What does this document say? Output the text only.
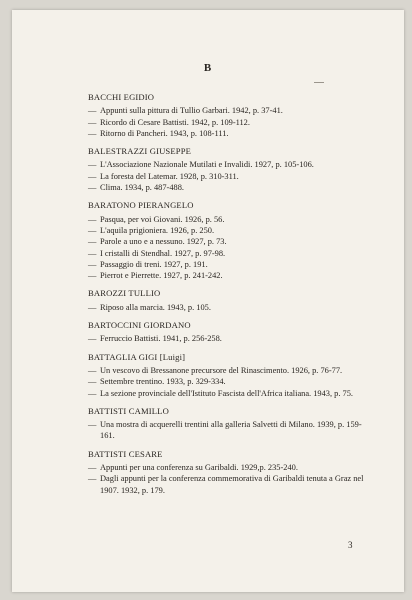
B
BACCHI EGIDIO
— Appunti sulla pittura di Tullio Garbari. 1942, p. 37-41.
— Ricordo di Cesare Battisti. 1942, p. 109-112.
— Ritorno di Pancheri. 1943, p. 108-111.
BALESTRAZZI GIUSEPPE
— L'Associazione Nazionale Mutilati e Invalidi. 1927, p. 105-106.
— La foresta del Latemar. 1928, p. 310-311.
— Clima. 1934, p. 487-488.
BARATONO PIERANGELO
— Pasqua, per voi Giovani. 1926, p. 56.
— L'aquila prigioniera. 1926, p. 250.
— Parole a uno e a nessuno. 1927, p. 73.
— I cristalli di Stendhal. 1927, p. 97-98.
— Passaggio di treni. 1927, p. 191.
— Pierrot e Pierrette. 1927, p. 241-242.
BAROZZI TULLIO
— Riposo alla marcia. 1943, p. 105.
BARTOCCINI GIORDANO
— Ferruccio Battisti. 1941, p. 256-258.
BATTAGLIA GIGI [Luigi]
— Un vescovo di Bressanone precursore del Rinascimento. 1926, p. 76-77.
— Settembre trentino. 1933, p. 329-334.
— La sezione provinciale dell'Istituto Fascista dell'Africa italiana. 1943, p. 75.
BATTISTI CAMILLO
— Una mostra di acquerelli trentini alla galleria Salvetti di Milano. 1939, p. 159-161.
BATTISTI CESARE
— Appunti per una conferenza su Garibaldi. 1929,p. 235-240.
— Dagli appunti per la conferenza commemorativa di Garibaldi tenuta a Graz nel 1907. 1932, p. 179.
3
